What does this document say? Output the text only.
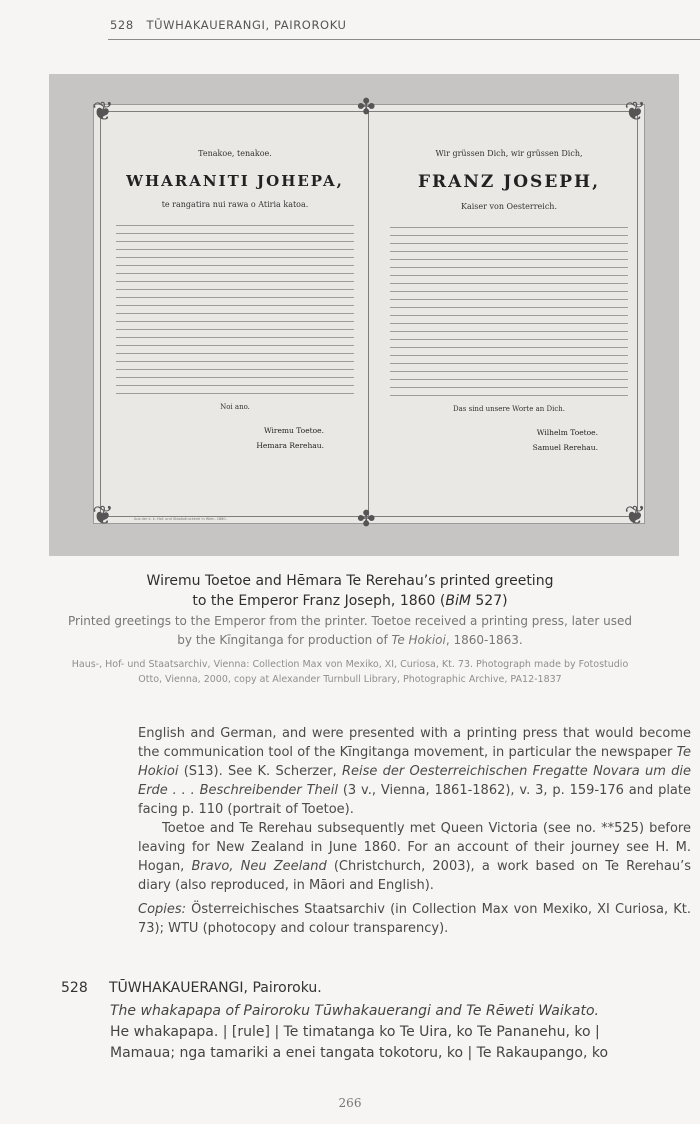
528 TŪWHAKAUERANGI, PAIROROKU
❦	❦
❦	❦
✤
✤
Tenakoe, tenakoe.
WHARANITI JOHEPA,
te rangatira nui rawa o Atiria katoa.
Noi ano.
Wiremu Toetoe.
Hemara Rerehau.
Wir grüssen Dich, wir grüssen Dich,
FRANZ JOSEPH,
Kaiser von Oesterreich.
Das sind unsere Worte an Dich.
Wilhelm Toetoe.
Samuel Rerehau.
Aus der k. k. Hof- und Staatsdruckerei in Wien. 1860.
Wiremu Toetoe and Hēmara Te Rerehau’s printed greeting
to the Emperor Franz Joseph, 1860 (BiM 527)
Printed greetings to the Emperor from the printer. Toetoe received a printing press, later used by the Kīngitanga for production of Te Hokioi, 1860-1863.
Haus-, Hof- und Staatsarchiv, Vienna: Collection Max von Mexiko, XI, Curiosa, Kt. 73. Photograph made by Fotostudio Otto, Vienna, 2000, copy at Alexander Turnbull Library, Photographic Archive, PA12-1837

English and German, and were presented with a printing press that would become the communication tool of the Kīngitanga movement, in particular the newspaper Te Hokioi (S13). See K. Scherzer, Reise der Oesterreichischen Fregatte Novara um die Erde . . . Beschreibender Theil (3 v., Vienna, 1861-1862), v. 3, p. 159-176 and plate facing p. 110 (portrait of Toetoe).

Toetoe and Te Rerehau subsequently met Queen Victoria (see no. **525) before leaving for New Zealand in June 1860. For an account of their journey see H. M. Hogan, Bravo, Neu Zeeland (Christchurch, 2003), a work based on Te Rerehau’s diary (also reproduced, in Māori and English).

Copies: Österreichisches Staatsarchiv (in Collection Max von Mexiko, XI Curiosa, Kt. 73); WTU (photocopy and colour transparency).

528 TŪWHAKAUERANGI, Pairoroku.

The whakapapa of Pairoroku Tūwhakauerangi and Te Rēweti Waikato.

He whakapapa. | [rule] | Te timatanga ko Te Uira, ko Te Pananehu, ko |

Mamaua; nga tamariki a enei tangata tokotoru, ko | Te Rakaupango, ko

266
